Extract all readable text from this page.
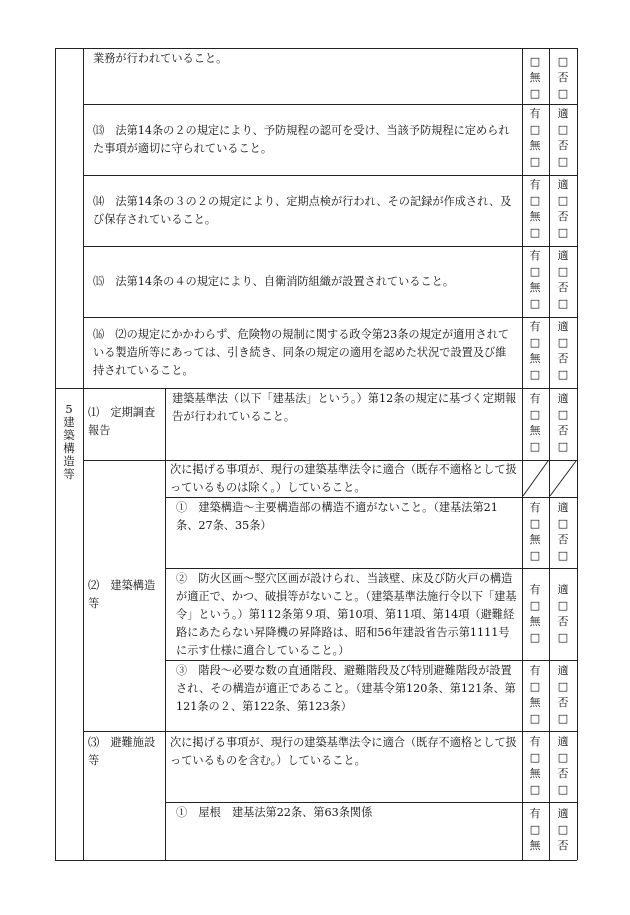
業務が行われていること。	□
無
□
□
否
□

⒀　法第14条の２の規定により、予防規程の認可を受け、当該予防規程に定められた事項が適切に守られていること。

有
□
無
□
適
□
否
□

⒁　法第14条の３の２の規定により、定期点検が行われ、その記録が作成され、及び保存されていること。

有
□
無
□
適
□
否
□

⒂　法第14条の４の規定により、自衛消防組織が設置されていること。

有
□
無
□
適
□
否
□

⒃　⑵の規定にかかわらず、危険物の規制に関する政令第23条の規定が適用されている製造所等にあっては、引き続き、同条の規定の適用を認めた状況で設置及び維持されていること。

有
□
無
□
適
□
否
□
5
建
築
構
造
等

⑴　定期調査報告

建築基準法（以下「建基法」という。）第12条の規定に基づく定期報告が行われていること。

有
□
無
□
適
□
否
□

⑵　建築構造等

次に掲げる事項が、現行の建築基準法令に適合（既存不適格として扱っているものは除く。）していること。

①　建築構造～主要構造部の構造不適がないこと。（建基法第21条、27条、35条）

有
□
無
□
適
□
否
□

②　防火区画～竪穴区画が設けられ、当該壁、床及び防火戸の構造が適正で、かつ、破損等がないこと。（建築基準法施行令以下「建基令」という。）第112条第９項、第10項、第11項、第14項（避難経路にあたらない昇降機の昇降路は、昭和56年建設省告示第1111号に示す仕様に適合していること。）

有
□
無
□
適
□
否
□

③　階段～必要な数の直通階段、避難階段及び特別避難階段が設置され、その構造が適正であること。（建基令第120条、第121条、第121条の２、第122条、第123条）

有
□
無
□
適
□
否
□

⑶　避難施設等

次に掲げる事項が、現行の建築基準法令に適合（既存不適格として扱っているものを含む。）していること。

有
□
無
□
適
□
否
□

①　屋根　建基法第22条、第63条関係	有
□
無
適
□
否
